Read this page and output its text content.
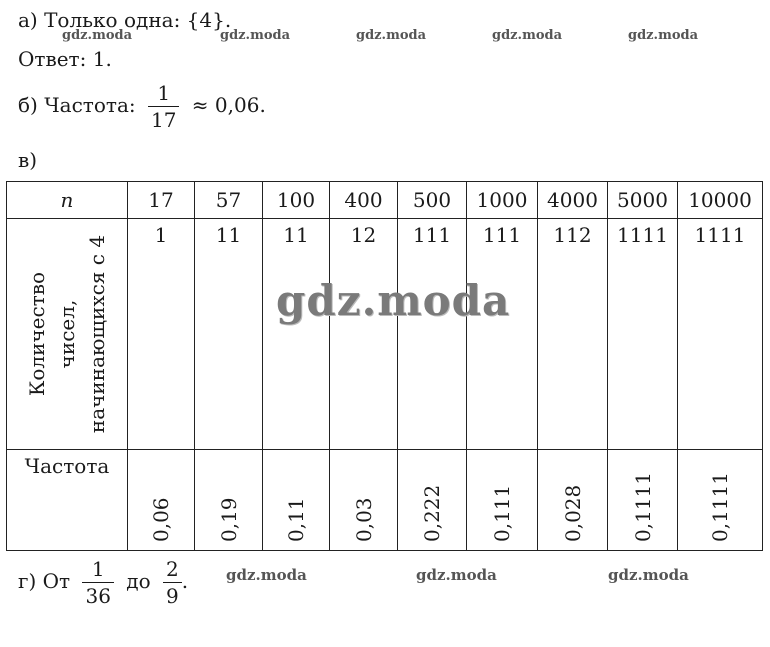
а) Только одна: {4}.
Ответ: 1.
б) Частота: $\frac{1}{17} \approx 0,06$.
в)
n	17	57	100	400	500	1000	4000	5000	10000

Количество чисел, начинающихся с 4	1	11	11	12	111	111	112	1111	1111
Частота	0,06	0,19	0,11	0,03	0,222	0,111	0,028	0,1111	0,1111
г) От $\frac{1}{36}$ до $\frac{2}{9}$ .
gdz.moda	gdz.moda	gdz.moda	gdz.moda	gdz.moda
gdz.moda
gdz.moda	gdz.moda	gdz.moda
